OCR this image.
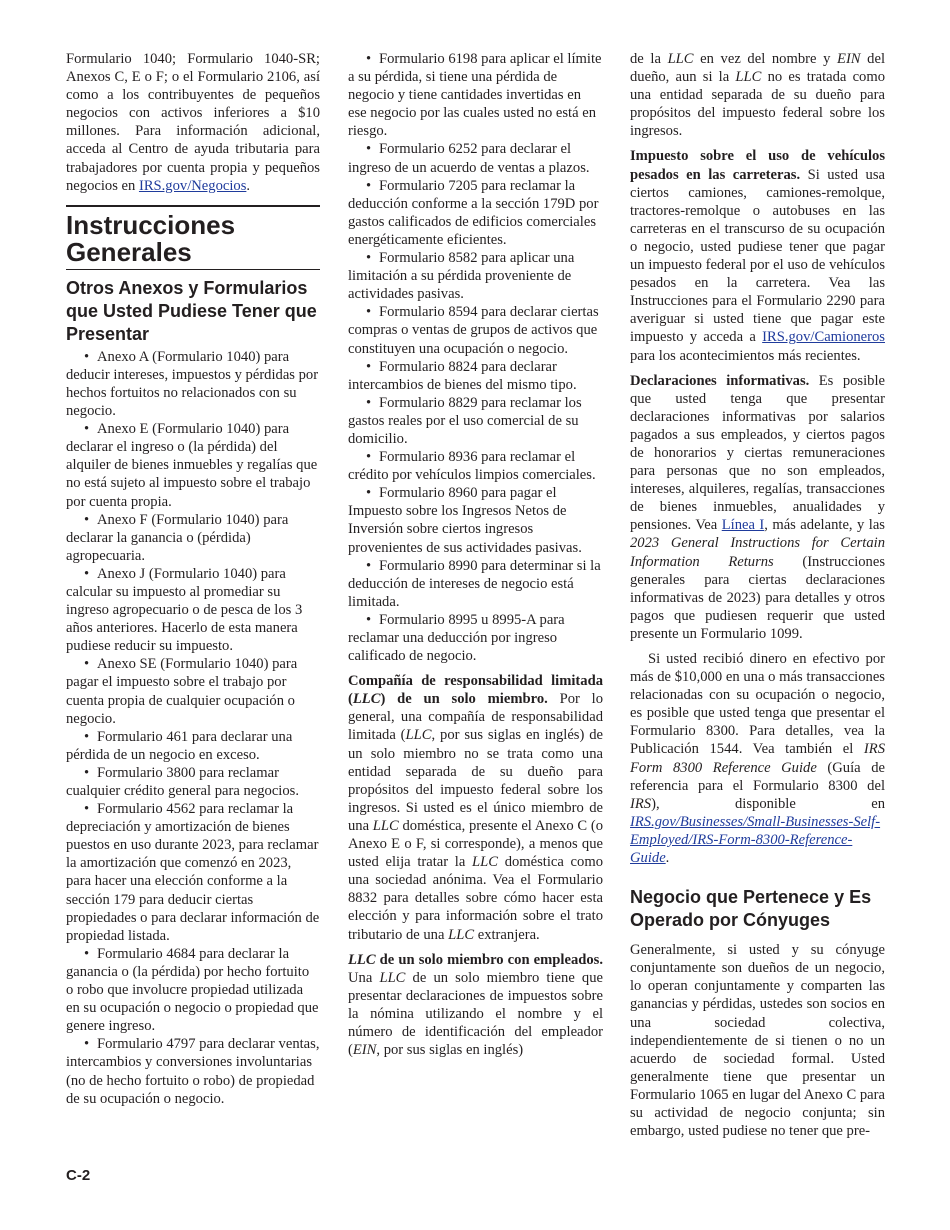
Formulario 1040; Formulario 1040-SR; Anexos C, E o F; o el Formulario 2106, así como a los contribuyentes de pequeños negocios con activos inferiores a $10 millones. Para información adicional, acceda al Centro de ayuda tributaria para trabajadores por cuenta propia y pequeños negocios en IRS.gov/Negocios.

Instrucciones Generales
Otros Anexos y Formularios que Usted Pudiese Tener que Presentar

• Anexo A (Formulario 1040) para deducir intereses, impuestos y pérdidas por hechos fortuitos no relacionados con su negocio.

• Anexo E (Formulario 1040) para declarar el ingreso o (la pérdida) del alquiler de bienes inmuebles y regalías que no está sujeto al impuesto sobre el trabajo por cuenta propia.

• Anexo F (Formulario 1040) para declarar la ganancia o (pérdida) agropecuaria.

• Anexo J (Formulario 1040) para calcular su impuesto al promediar su ingreso agropecuario o de pesca de los 3 años anteriores. Hacerlo de esta manera pudiese reducir su impuesto.

• Anexo SE (Formulario 1040) para pagar el impuesto sobre el trabajo por cuenta propia de cualquier ocupación o negocio.

• Formulario 461 para declarar una pérdida de un negocio en exceso.

• Formulario 3800 para reclamar cualquier crédito general para negocios.

• Formulario 4562 para reclamar la depreciación y amortización de bienes puestos en uso durante 2023, para reclamar la amortización que comenzó en 2023, para hacer una elección conforme a la sección 179 para deducir ciertas propiedades o para declarar información de propiedad listada.

• Formulario 4684 para declarar la ganancia o (la pérdida) por hecho fortuito o robo que involucre propiedad utilizada en su ocupación o negocio o propiedad que genere ingreso.

• Formulario 4797 para declarar ventas, intercambios y conversiones involuntarias (no de hecho fortuito o robo) de propiedad de su ocupación o negocio.

• Formulario 6198 para aplicar el límite a su pérdida, si tiene una pérdida de negocio y tiene cantidades invertidas en ese negocio por las cuales usted no está en riesgo.

• Formulario 6252 para declarar el ingreso de un acuerdo de ventas a plazos.

• Formulario 7205 para reclamar la deducción conforme a la sección 179D por gastos calificados de edificios comerciales energéticamente eficientes.

• Formulario 8582 para aplicar una limitación a su pérdida proveniente de actividades pasivas.

• Formulario 8594 para declarar ciertas compras o ventas de grupos de activos que constituyen una ocupación o negocio.

• Formulario 8824 para declarar intercambios de bienes del mismo tipo.

• Formulario 8829 para reclamar los gastos reales por el uso comercial de su domicilio.

• Formulario 8936 para reclamar el crédito por vehículos limpios comerciales.

• Formulario 8960 para pagar el Impuesto sobre los Ingresos Netos de Inversión sobre ciertos ingresos provenientes de sus actividades pasivas.

• Formulario 8990 para determinar si la deducción de intereses de negocio está limitada.

• Formulario 8995 u 8995-A para reclamar una deducción por ingreso calificado de negocio.

Compañía de responsabilidad limitada (LLC) de un solo miembro. Por lo general, una compañía de responsabilidad limitada (LLC, por sus siglas en inglés) de un solo miembro no se trata como una entidad separada de su dueño para propósitos del impuesto federal sobre los ingresos. Si usted es el único miembro de una LLC doméstica, presente el Anexo C (o Anexo E o F, si corresponde), a menos que usted elija tratar la LLC doméstica como una sociedad anónima. Vea el Formulario 8832 para detalles sobre cómo hacer esta elección y para información sobre el trato tributario de una LLC extranjera.

LLC de un solo miembro con empleados. Una LLC de un solo miembro tiene que presentar declaraciones de impuestos sobre la nómina utilizando el nombre y el número de identificación del empleador (EIN, por sus siglas en inglés)

de la LLC en vez del nombre y EIN del dueño, aun si la LLC no es tratada como una entidad separada de su dueño para propósitos del impuesto federal sobre los ingresos.

Impuesto sobre el uso de vehículos pesados en las carreteras. Si usted usa ciertos camiones, camiones-remolque, tractores-remolque o autobuses en las carreteras en el transcurso de su ocupación o negocio, usted pudiese tener que pagar un impuesto federal por el uso de vehículos pesados en la carretera. Vea las Instrucciones para el Formulario 2290 para averiguar si usted tiene que pagar este impuesto y acceda a IRS.gov/Camioneros para los acontecimientos más recientes.

Declaraciones informativas. Es posible que usted tenga que presentar declaraciones informativas por salarios pagados a sus empleados, y ciertos pagos de honorarios y ciertas remuneraciones para personas que no son empleados, intereses, alquileres, regalías, transacciones de bienes inmuebles, anualidades y pensiones. Vea Línea I, más adelante, y las 2023 General Instructions for Certain Information Returns (Instrucciones generales para ciertas declaraciones informativas de 2023) para detalles y otros pagos que pudiesen requerir que usted presente un Formulario 1099.

Si usted recibió dinero en efectivo por más de $10,000 en una o más transacciones relacionadas con su ocupación o negocio, es posible que usted tenga que presentar el Formulario 8300. Para detalles, vea la Publicación 1544. Vea también el IRS Form 8300 Reference Guide (Guía de referencia para el Formulario 8300 del IRS), disponible en IRS.gov/Businesses/Small-Businesses-Self-Employed/IRS-Form-8300-Reference-Guide.

Negocio que Pertenece y Es Operado por Cónyuges

Generalmente, si usted y su cónyuge conjuntamente son dueños de un negocio, lo operan conjuntamente y comparten las ganancias y pérdidas, ustedes son socios en una sociedad colectiva, independientemente de si tienen o no un acuerdo de sociedad formal. Usted generalmente tiene que presentar un Formulario 1065 en lugar del Anexo C para su actividad de negocio conjunta; sin embargo, usted pudiese no tener que pre-

C-2
